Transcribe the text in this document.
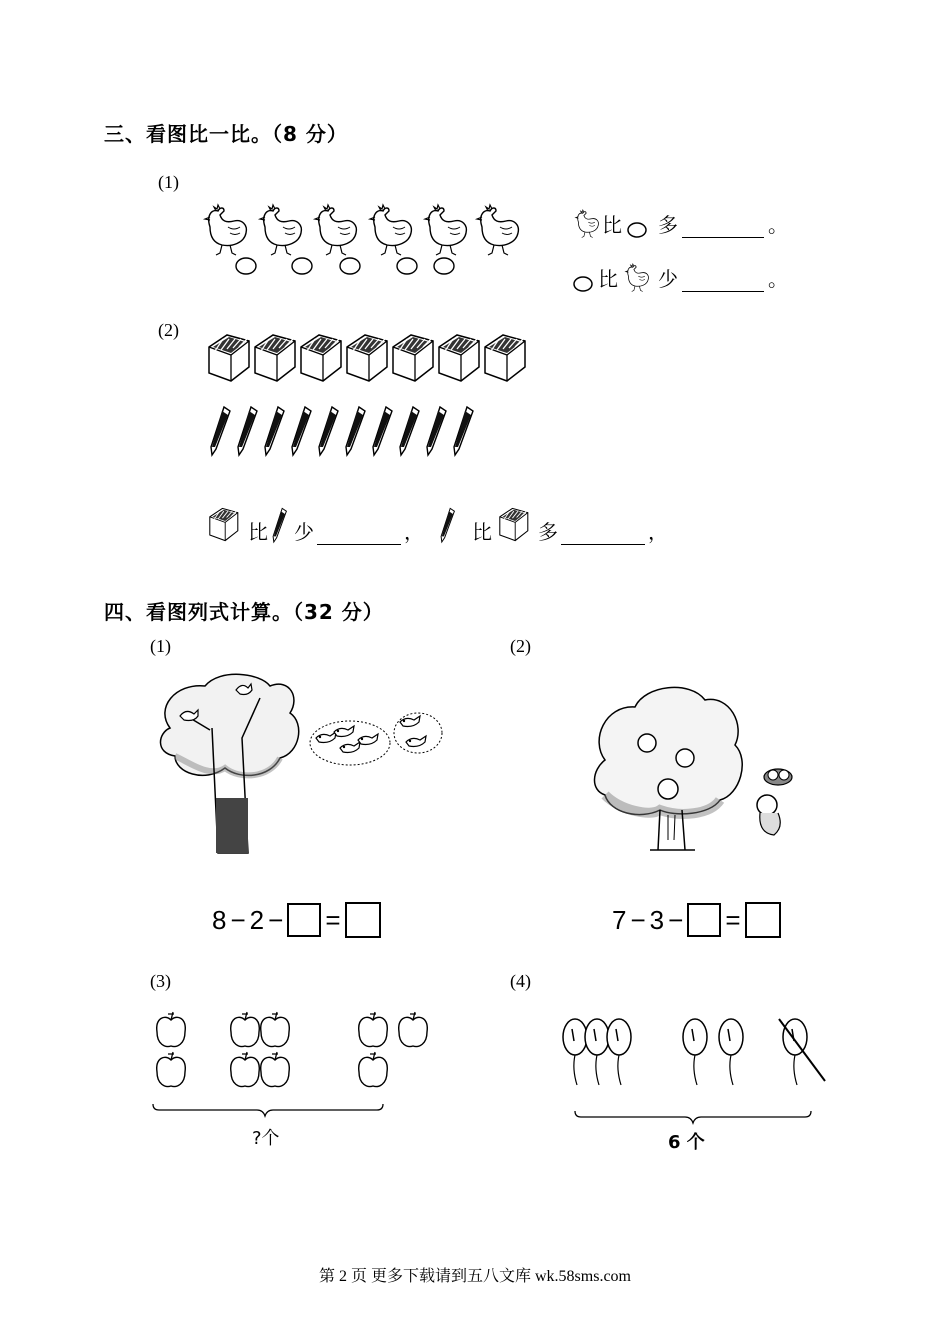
三、看图比一比。（8 分）
(1)
比 多	。
比 少	。
(2)
比 少	， 比 多	，
四、看图列式计算。（32 分）
(1)	(2)
8 − 2 − =	7 − 3 − =
(3)	(4)
?个	6 个
第 2 页 更多下载请到五八文库 wk.58sms.com
